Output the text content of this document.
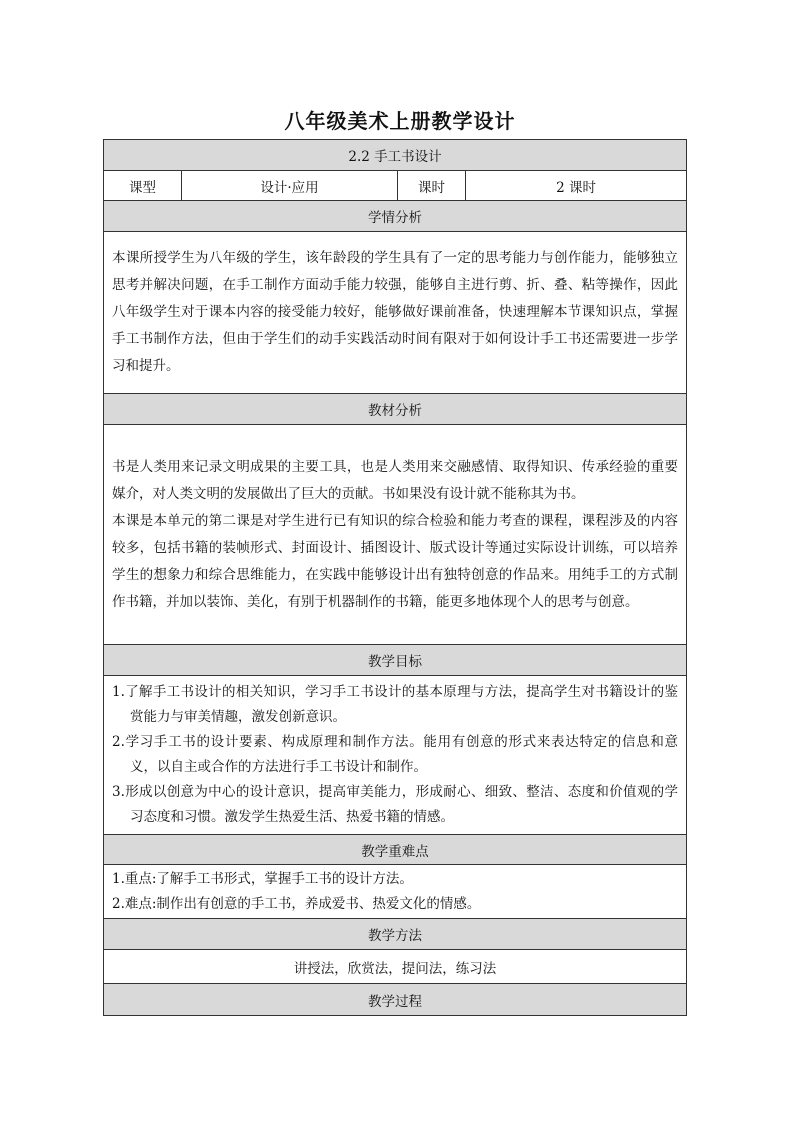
八年级美术上册教学设计
2.2 手工书设计
课型	设计·应用	课时	2 课时
学情分析

本课所授学生为八年级的学生，该年龄段的学生具有了一定的思考能力与创作能力，能够独立思考并解决问题，在手工制作方面动手能力较强，能够自主进行剪、折、叠、粘等操作，因此八年级学生对于课本内容的接受能力较好，能够做好课前准备，快速理解本节课知识点，掌握手工书制作方法，但由于学生们的动手实践活动时间有限对于如何设计手工书还需要进一步学习和提升。

教材分析

书是人类用来记录文明成果的主要工具，也是人类用来交融感情、取得知识、传承经验的重要媒介，对人类文明的发展做出了巨大的贡献。书如果没有设计就不能称其为书。

本课是本单元的第二课是对学生进行已有知识的综合检验和能力考查的课程，课程涉及的内容较多，包括书籍的装帧形式、封面设计、插图设计、版式设计等通过实际设计训练，可以培养学生的想象力和综合思维能力，在实践中能够设计出有独特创意的作品来。用纯手工的方式制作书籍，并加以装饰、美化，有别于机器制作的书籍，能更多地体现个人的思考与创意。

教学目标

1.了解手工书设计的相关知识，学习手工书设计的基本原理与方法，提高学生对书籍设计的鉴赏能力与审美情趣，激发创新意识。

2.学习手工书的设计要素、构成原理和制作方法。能用有创意的形式来表达特定的信息和意义，以自主或合作的方法进行手工书设计和制作。

3.形成以创意为中心的设计意识，提高审美能力，形成耐心、细致、整洁、态度和价值观的学习态度和习惯。激发学生热爱生活、热爱书籍的情感。

教学重难点

1.重点:了解手工书形式，掌握手工书的设计方法。

2.难点:制作出有创意的手工书，养成爱书、热爱文化的情感。

教学方法
讲授法，欣赏法，提问法，练习法
教学过程
